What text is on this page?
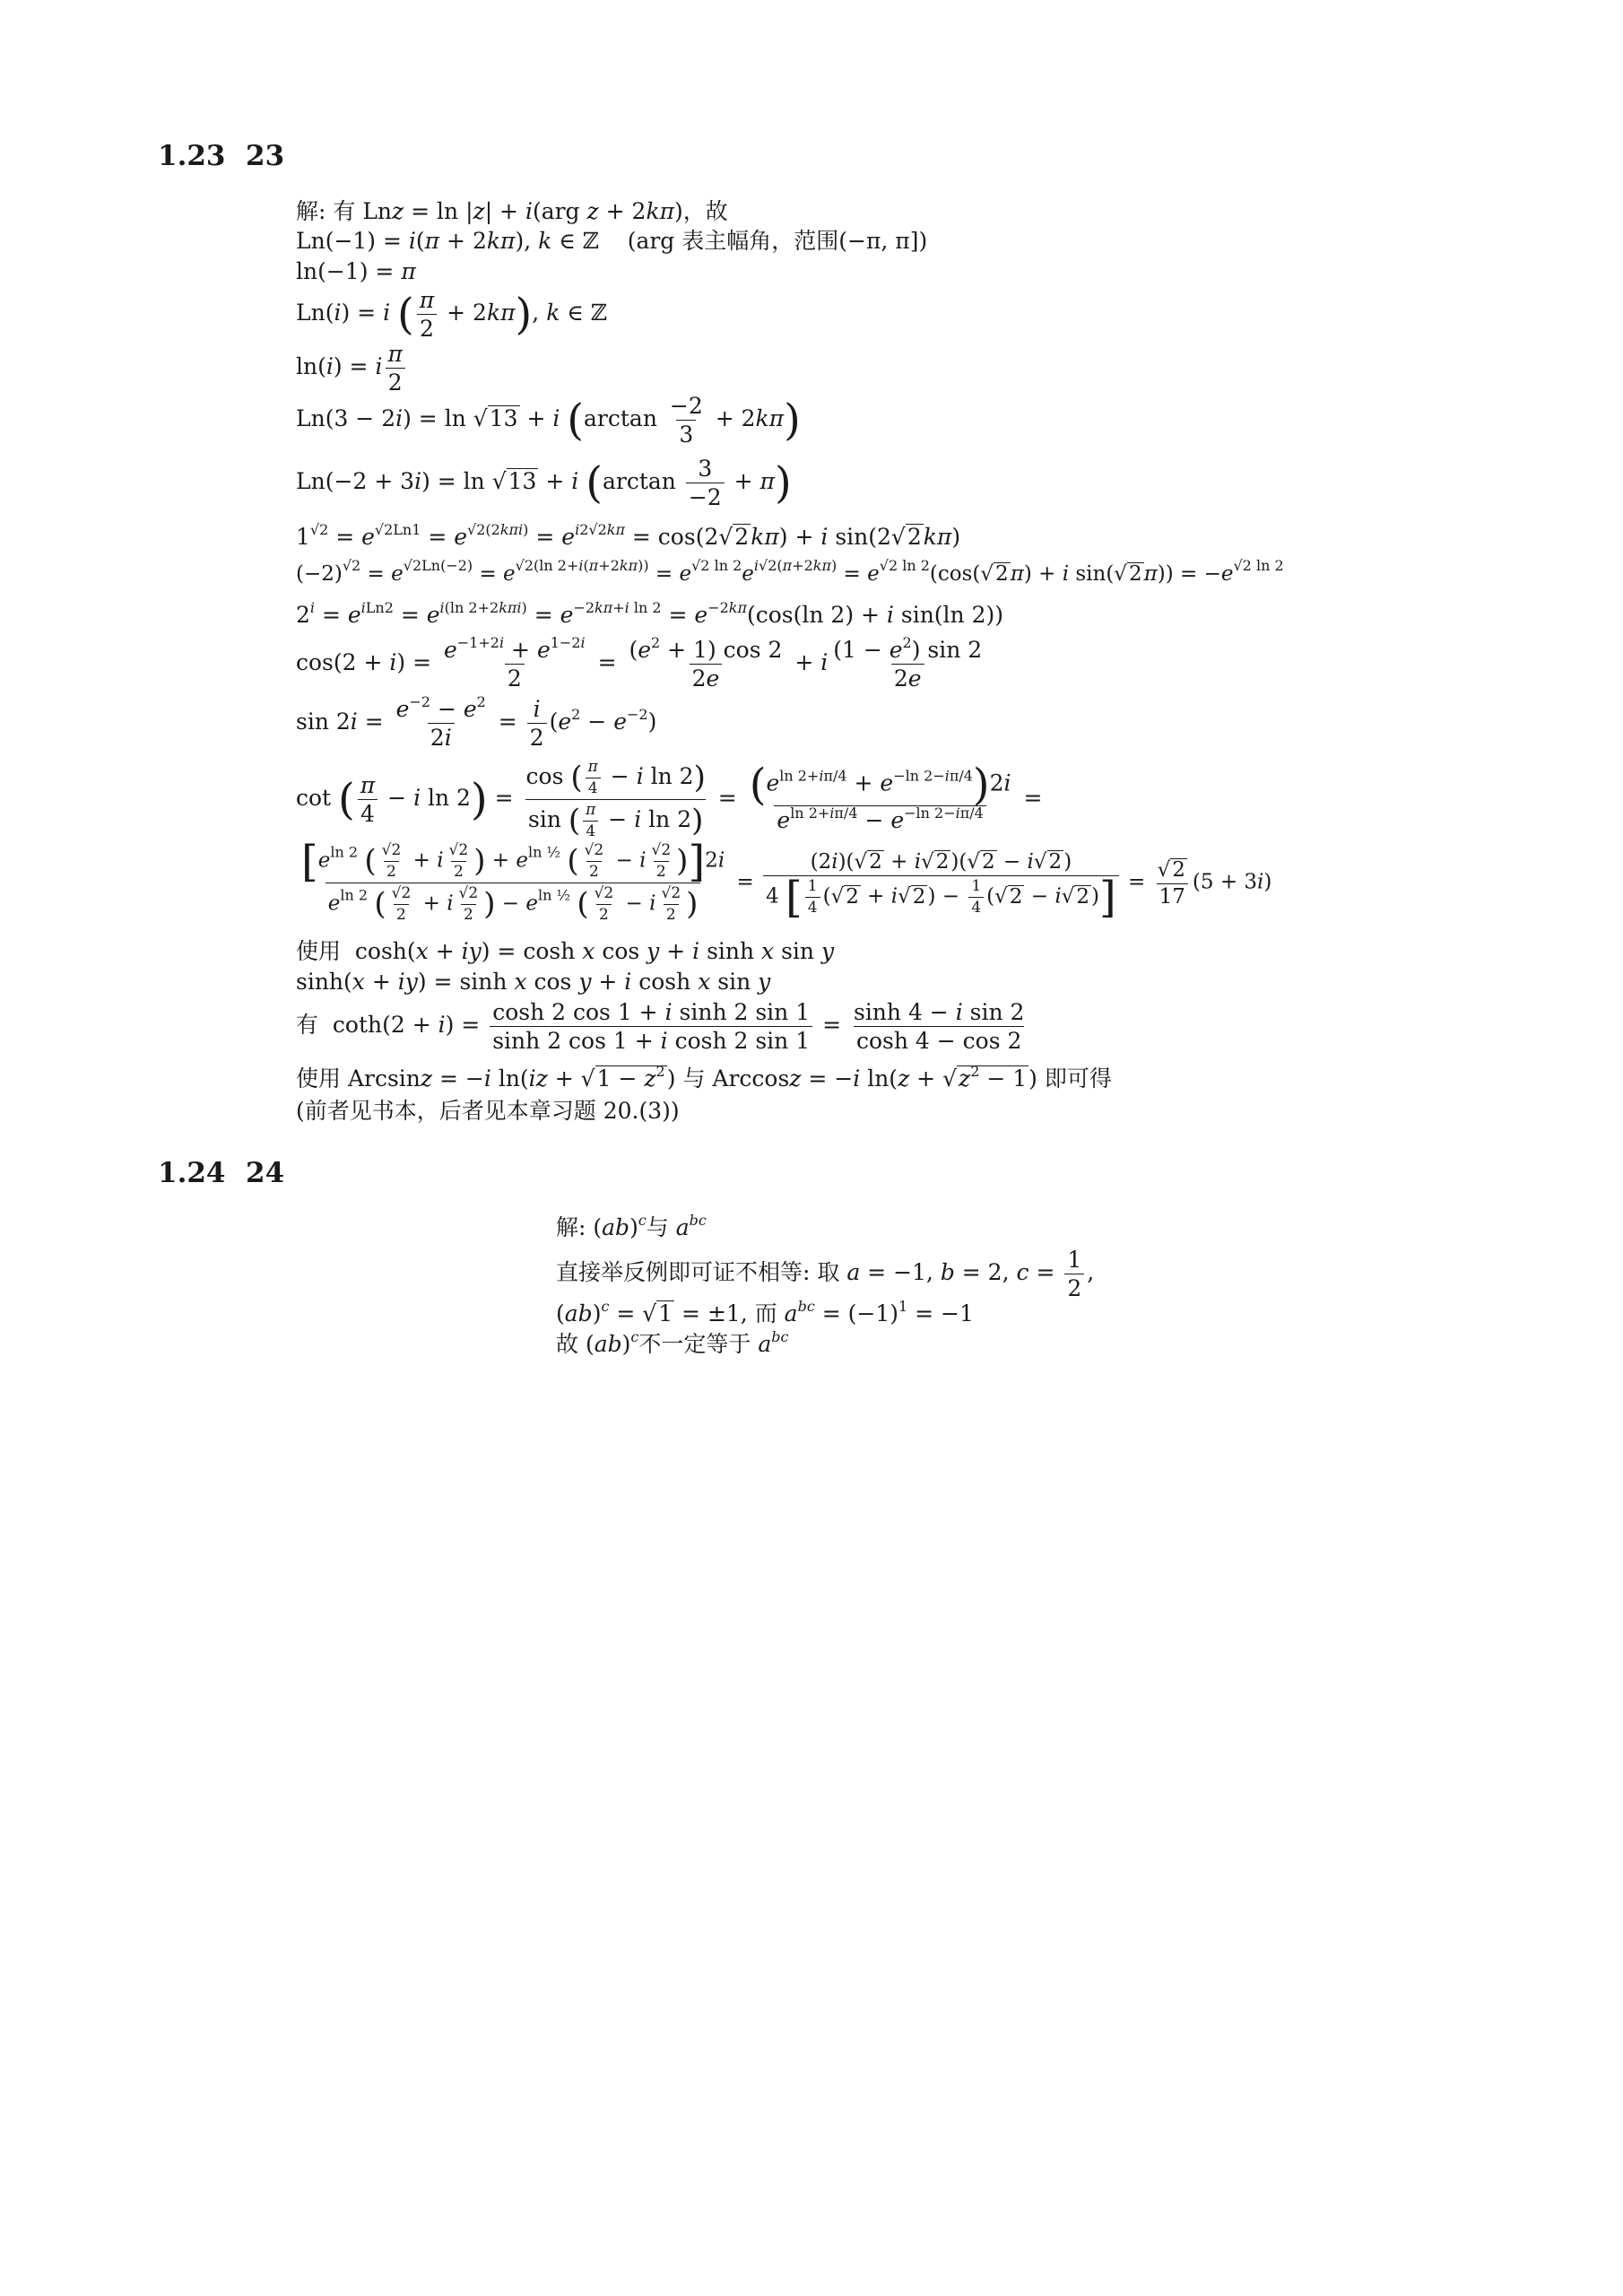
1.23 23
解: 有 Lnz = ln |z| + i(arg z + 2kπ)，故
Ln(−1) = i(π + 2kπ), k ∈ ℤ    (arg 表主幅角，范围(−π, π])
ln(−1) = π
Ln(i) = i ( $\frac{\pi}{2} + 2k\pi$), k ∈ ℤ
ln(i) = i $\frac{\pi}{2}$
Ln(3 − 2i) = ln √13 + i $(\arctan \frac{-2}{3} + 2k\pi)$
Ln(−2 + 3i) = ln √13 + i $(\arctan \frac{3}{-2} + \pi)$
$1^{√2} = e^{√2Ln1} = e^{√2(2k\pi i)} = e^{i2√2k\pi} = \cos(2√2k\pi) + i$ sin(2√2kπ)
$(-2)^{√2} = e^{√2Ln(-2)} = e^{√2(ln 2+i(\pi+2k\pi))} = e^{√2 ln 2}e^{i√2(\pi+2k\pi)} = e^{√2 ln 2}(\cos(√2\pi) + i$ $\sin(√2\pi)) = -e^{√2 ln 2}$
$2^i = e^{iLn2} = e^{i(ln 2+2k\pi i)} = e^{-2k\pi+i ln 2} = e^{-2k\pi}(\cos(\ln$ 2) + i sin(ln 2))
$\cos(2 + i) = \frac{e^{-1+2i} + e^{1-2i}}{2} = \frac{(e^2 + 1) \cos 2}{2e} + i \frac{(1 - e^2) \sin 2}{2e}$
$\sin 2i = \frac{e^{-2} - e^2}{2i} = \frac{i}{2} (e^2 - e^{-2})$
cot ( $\frac{\pi}{4} - i$ $\ln 2) = \frac{\cos ( \frac{\pi}{4} - i \ln 2)}{\sin ( \frac{\pi}{4} - i \ln 2)} = \frac{(e^{ln 2+i\pi/4} + e^{-ln 2-i\pi/4})2i}{e^{ln 2+i\pi/4} - e^{-ln 2-i\pi/4}}$ =
$\frac{[e^{ln 2} ( \frac{√2}{2} + i \frac{√2}{2} ) + e^{ln \frac{1}{2}} ( \frac{√2}{2} - i \frac{√2}{2} )]2i}{e^{ln 2} ( \frac{√2}{2} + i \frac{√2}{2} ) - e^{ln \frac{1}{2}} ( \frac{√2}{2} - i \frac{√2}{2} )} = \frac{(2i)(√2 + i√2)(√2 - i√2)}{4 [ \frac{1}{4} (√2 + i√2) - \frac{1}{4} (√2 - i√2)]} = \frac{√2}{17} (5 + 3i)$
使用  cosh(x + iy) = cosh x cos y + i sinh x sin y
sinh(x + iy) = sinh x cos y + i cosh x sin y
有  $\cot h(2 + i) = \frac{\text{cosh 2 cos 1 + i sinh 2 sin 1}}{\text{sinh 2 cos 1 + i cosh 2 sin 1}} = \frac{\text{sinh 4 − i sin 2}}{\cosh 4 - \cos 2}$
使用 Arcsinz = −i $\ln(iz + √1 - z^2)$ 与 Arccosz = −i $\ln(z + √z^2 - 1)$ 即可得
(前者见书本，后者见本章习题 20.(3))
1.24 24
解: (ab)$^c$与 $a^{bc}$
直接举反例即可证不相等: 取 a = −1, b = 2, $c = \frac{1}{2}$ ,
(ab)$^c$ = √1 = ±1, 而 $a^{bc} = (-1)^1 = -1$
故 (ab)$^c$不一定等于 $a^{bc}$
